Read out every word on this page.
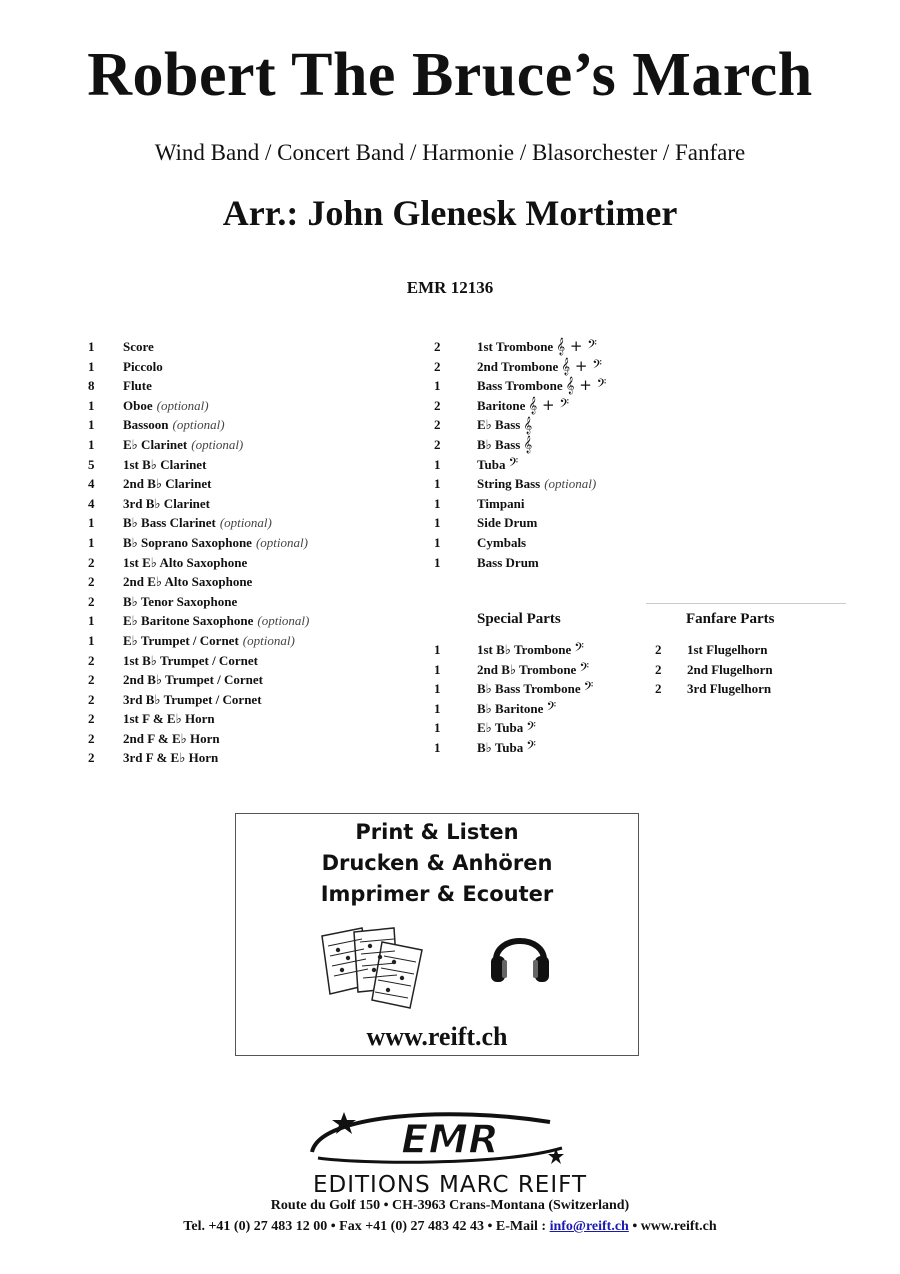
Robert The Bruce’s March
Wind Band / Concert Band / Harmonie / Blasorchester / Fanfare
Arr.: John Glenesk Mortimer
EMR 12136
1	Score
1	Piccolo
8	Flute
1	Oboe (optional)
1	Bassoon (optional)
1	E♭ Clarinet (optional)
5	1st B♭ Clarinet
4	2nd B♭ Clarinet
4	3rd B♭ Clarinet
1	B♭ Bass Clarinet (optional)
1	B♭ Soprano Saxophone (optional)
2	1st E♭ Alto Saxophone
2	2nd E♭ Alto Saxophone
2	B♭ Tenor Saxophone
1	E♭ Baritone Saxophone (optional)
1	E♭ Trumpet / Cornet (optional)
2	1st B♭ Trumpet / Cornet
2	2nd B♭ Trumpet / Cornet
2	3rd B♭ Trumpet / Cornet
2	1st F & E♭ Horn
2	2nd F & E♭ Horn
2	3rd F & E♭ Horn
2	1st Trombone 𝄞 + 𝄢
2	2nd Trombone 𝄞 + 𝄢
1	Bass Trombone 𝄞 + 𝄢
2	Baritone 𝄞 + 𝄢
2	E♭ Bass 𝄞
2	B♭ Bass 𝄞
1	Tuba 𝄢
1	String Bass (optional)
1	Timpani
1	Side Drum
1	Cymbals
1	Bass Drum
Special Parts	Fanfare Parts
1	1st B♭ Trombone 𝄢
1	2nd B♭ Trombone 𝄢
1	B♭ Bass Trombone 𝄢
1	B♭ Baritone 𝄢
1	E♭ Tuba 𝄢
1	B♭ Tuba 𝄢
2	1st Flugelhorn
2	2nd Flugelhorn
2	3rd Flugelhorn
Print & Listen
Drucken & Anhören
Imprimer & Ecouter
www.reift.ch
EMR
EDITIONS MARC REIFT
Route du Golf 150 • CH-3963 Crans-Montana (Switzerland)
Tel. +41 (0) 27 483 12 00 • Fax +41 (0) 27 483 42 43 • E-Mail : info@reift.ch • www.reift.ch
